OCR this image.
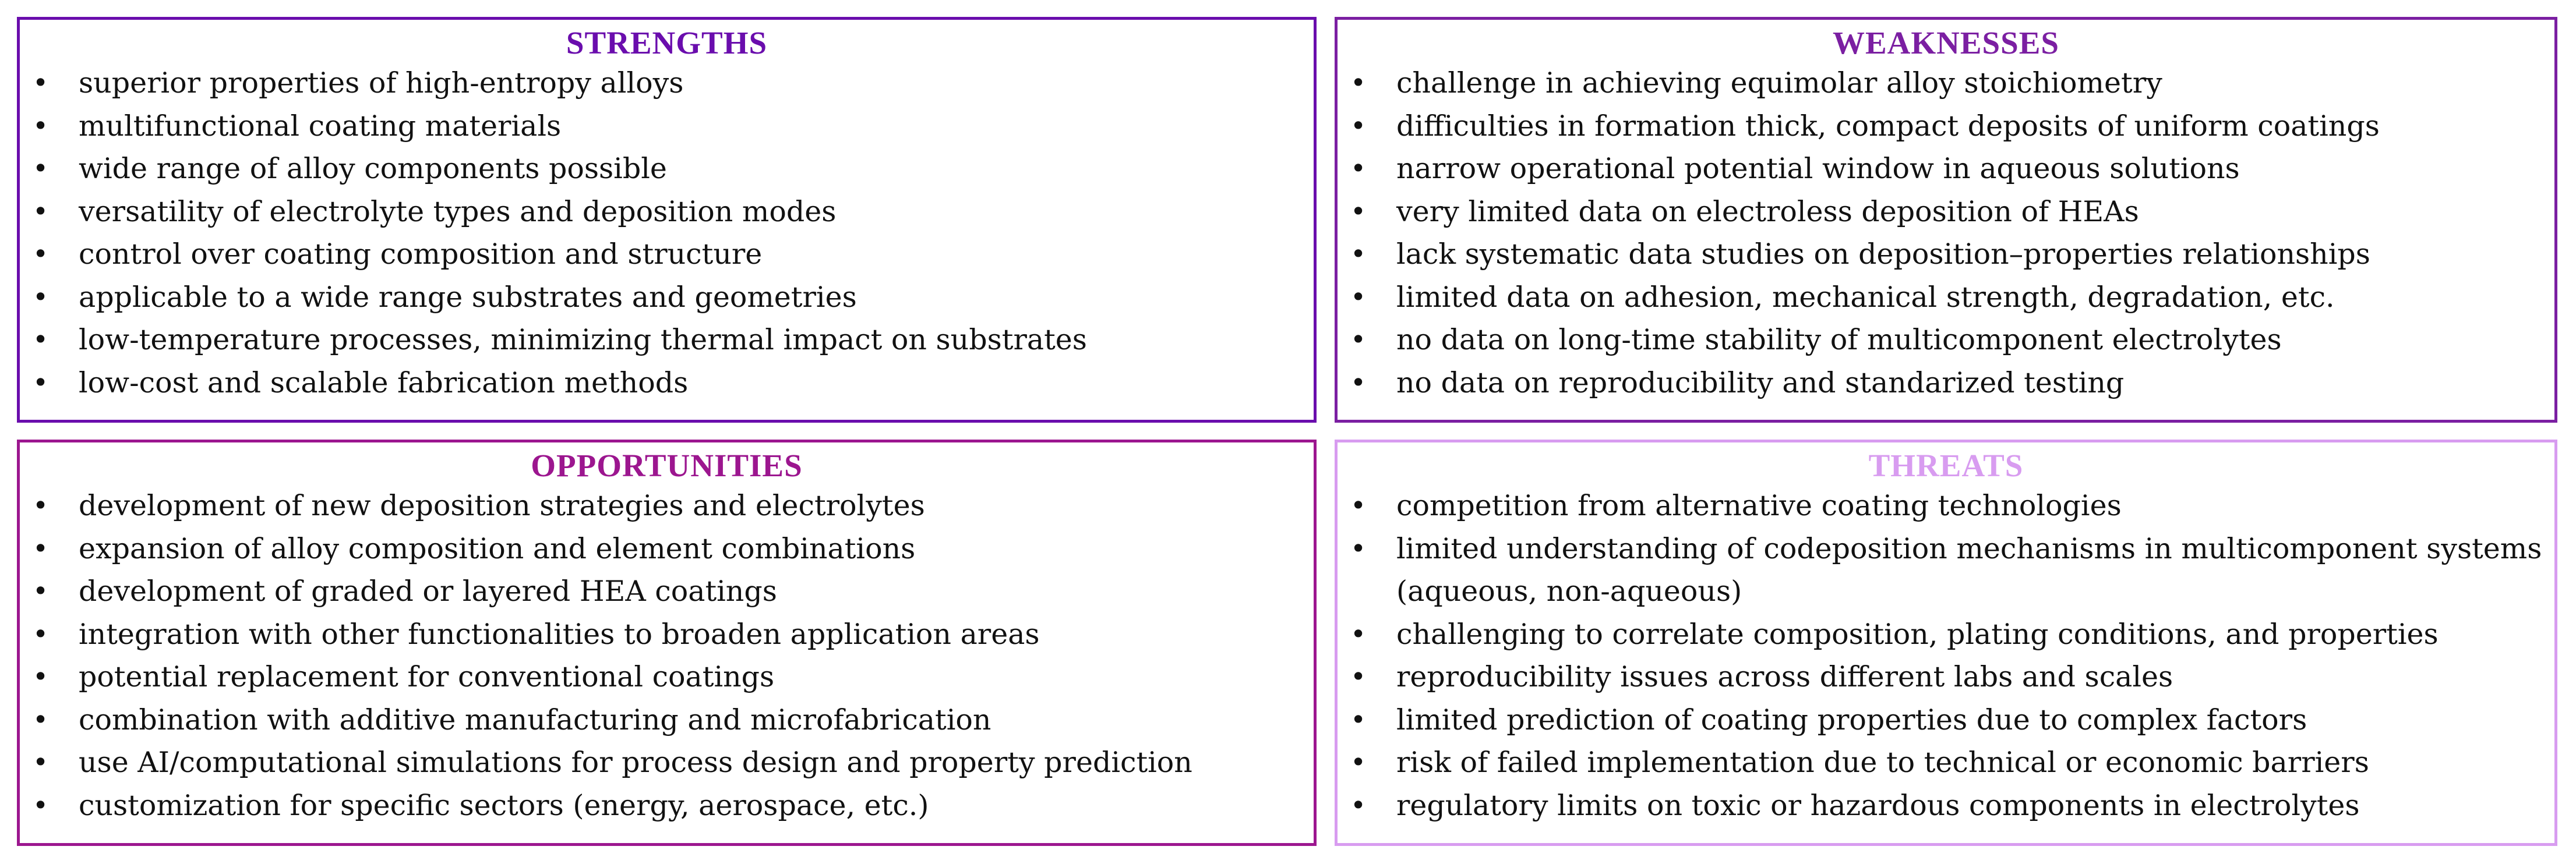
STRENGTHS
• superior properties of high-entropy alloys
• multifunctional coating materials
• wide range of alloy components possible
• versatility of electrolyte types and deposition modes
• control over coating composition and structure
• applicable to a wide range substrates and geometries
• low-temperature processes, minimizing thermal impact on substrates
• low-cost and scalable fabrication methods
WEAKNESSES
• challenge in achieving equimolar alloy stoichiometry
• difficulties in formation thick, compact deposits of uniform coatings
• narrow operational potential window in aqueous solutions
• very limited data on electroless deposition of HEAs
• lack systematic data studies on deposition–properties relationships
• limited data on adhesion, mechanical strength, degradation, etc.
• no data on long-time stability of multicomponent electrolytes
• no data on reproducibility and standarized testing
OPPORTUNITIES
• development of new deposition strategies and electrolytes
• expansion of alloy composition and element combinations
• development of graded or layered HEA coatings
• integration with other functionalities to broaden application areas
• potential replacement for conventional coatings
• combination with additive manufacturing and microfabrication
• use AI/computational simulations for process design and property prediction
• customization for specific sectors (energy, aerospace, etc.)
THREATS
• competition from alternative coating technologies
• limited understanding of codeposition mechanisms in multicomponent systems (aqueous, non-aqueous)
• challenging to correlate composition, plating conditions, and properties
• reproducibility issues across different labs and scales
• limited prediction of coating properties due to complex factors
• risk of failed implementation due to technical or economic barriers
• regulatory limits on toxic or hazardous components in electrolytes
